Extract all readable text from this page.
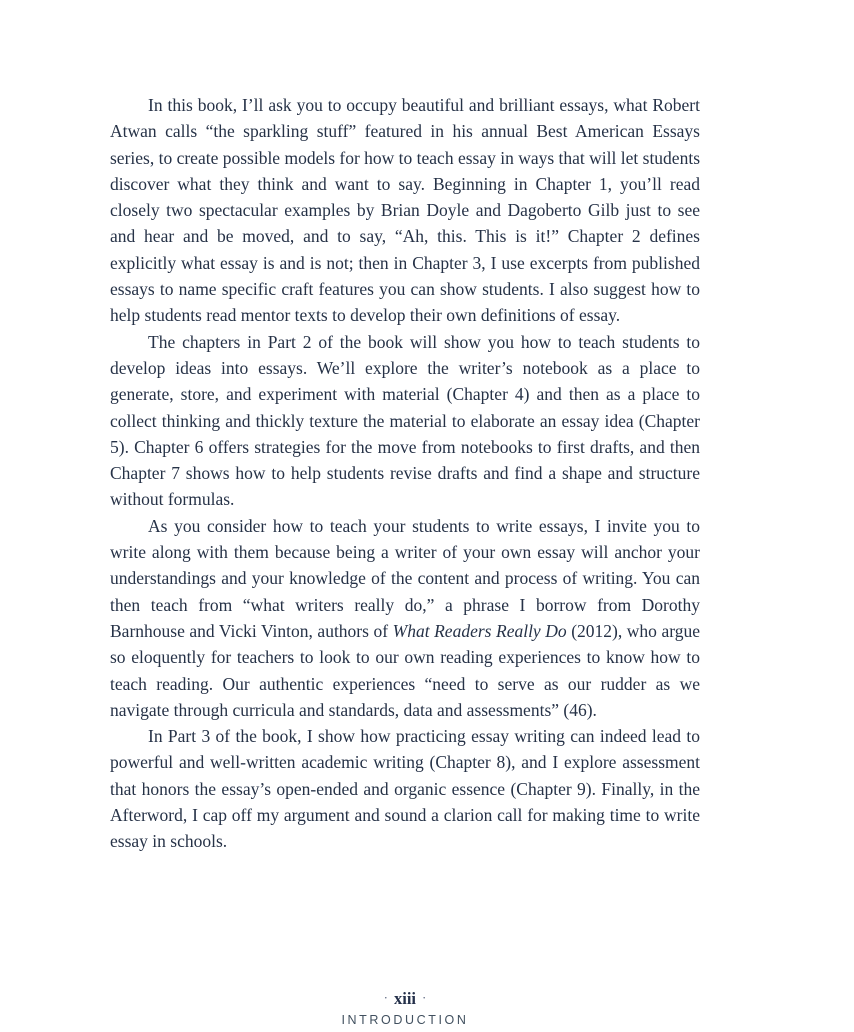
In this book, I’ll ask you to occupy beautiful and brilliant essays, what Robert Atwan calls “the sparkling stuff” featured in his annual Best American Essays series, to create possible models for how to teach essay in ways that will let students discover what they think and want to say. Beginning in Chapter 1, you’ll read closely two spectacular examples by Brian Doyle and Dagoberto Gilb just to see and hear and be moved, and to say, “Ah, this. This is it!” Chapter 2 defines explicitly what essay is and is not; then in Chapter 3, I use excerpts from published essays to name specific craft features you can show students. I also suggest how to help students read mentor texts to develop their own definitions of essay.

The chapters in Part 2 of the book will show you how to teach students to develop ideas into essays. We’ll explore the writer’s notebook as a place to generate, store, and experiment with material (Chapter 4) and then as a place to collect thinking and thickly texture the material to elaborate an essay idea (Chapter 5). Chapter 6 offers strategies for the move from notebooks to first drafts, and then Chapter 7 shows how to help students revise drafts and find a shape and structure without formulas.

As you consider how to teach your students to write essays, I invite you to write along with them because being a writer of your own essay will anchor your understandings and your knowledge of the content and process of writing. You can then teach from “what writers really do,” a phrase I borrow from Dorothy Barnhouse and Vicki Vinton, authors of What Readers Really Do (2012), who argue so eloquently for teachers to look to our own reading experiences to know how to teach reading. Our authentic experiences “need to serve as our rudder as we navigate through curricula and standards, data and assessments” (46).

In Part 3 of the book, I show how practicing essay writing can indeed lead to powerful and well-written academic writing (Chapter 8), and I explore assessment that honors the essay’s open-ended and organic essence (Chapter 9). Finally, in the Afterword, I cap off my argument and sound a clarion call for making time to write essay in schools.

· xiii ·
INTRODUCTION
